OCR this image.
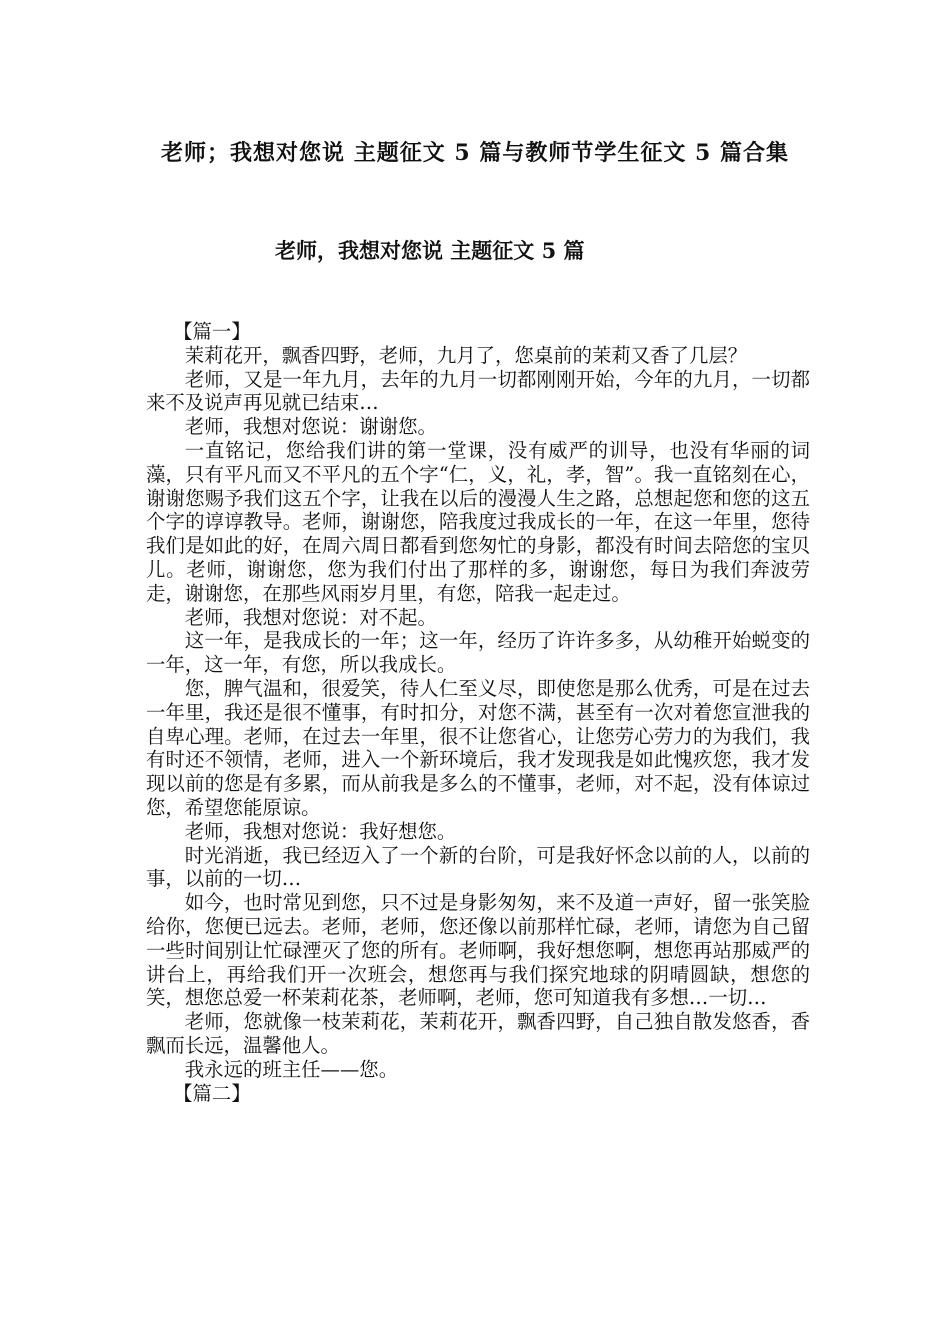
老师；我想对您说 主题征文 5 篇与教师节学生征文 5 篇合集
老师，我想对您说 主题征文 5 篇

【篇一】

茉莉花开，飘香四野，老师，九月了，您桌前的茉莉又香了几层？

老师，又是一年九月，去年的九月一切都刚刚开始，今年的九月，一切都来不及说声再见就已结束…

老师，我想对您说：谢谢您。

一直铭记，您给我们讲的第一堂课，没有威严的训导，也没有华丽的词藻，只有平凡而又不平凡的五个字“仁，义，礼，孝，智”。我一直铭刻在心，谢谢您赐予我们这五个字，让我在以后的漫漫人生之路，总想起您和您的这五个字的谆谆教导。老师，谢谢您，陪我度过我成长的一年，在这一年里，您待我们是如此的好，在周六周日都看到您匆忙的身影，都没有时间去陪您的宝贝儿。老师，谢谢您，您为我们付出了那样的多，谢谢您，每日为我们奔波劳走，谢谢您，在那些风雨岁月里，有您，陪我一起走过。

老师，我想对您说：对不起。

这一年，是我成长的一年；这一年，经历了许许多多，从幼稚开始蜕变的一年，这一年，有您，所以我成长。

您，脾气温和，很爱笑，待人仁至义尽，即使您是那么优秀，可是在过去一年里，我还是很不懂事，有时扣分，对您不满，甚至有一次对着您宣泄我的自卑心理。老师，在过去一年里，很不让您省心，让您劳心劳力的为我们，我有时还不领情，老师，进入一个新环境后，我才发现我是如此愧疚您，我才发现以前的您是有多累，而从前我是多么的不懂事，老师，对不起，没有体谅过您，希望您能原谅。

老师，我想对您说：我好想您。

时光消逝，我已经迈入了一个新的台阶，可是我好怀念以前的人，以前的事，以前的一切…

如今，也时常见到您，只不过是身影匆匆，来不及道一声好，留一张笑脸给你，您便已远去。老师，老师，您还像以前那样忙碌，老师，请您为自己留一些时间别让忙碌湮灭了您的所有。老师啊，我好想您啊，想您再站那威严的讲台上，再给我们开一次班会，想您再与我们探究地球的阴晴圆缺，想您的笑，想您总爱一杯茉莉花茶，老师啊，老师，您可知道我有多想…一切…

老师，您就像一枝茉莉花，茉莉花开，飘香四野，自己独自散发悠香，香飘而长远，温馨他人。

我永远的班主任——您。

【篇二】
